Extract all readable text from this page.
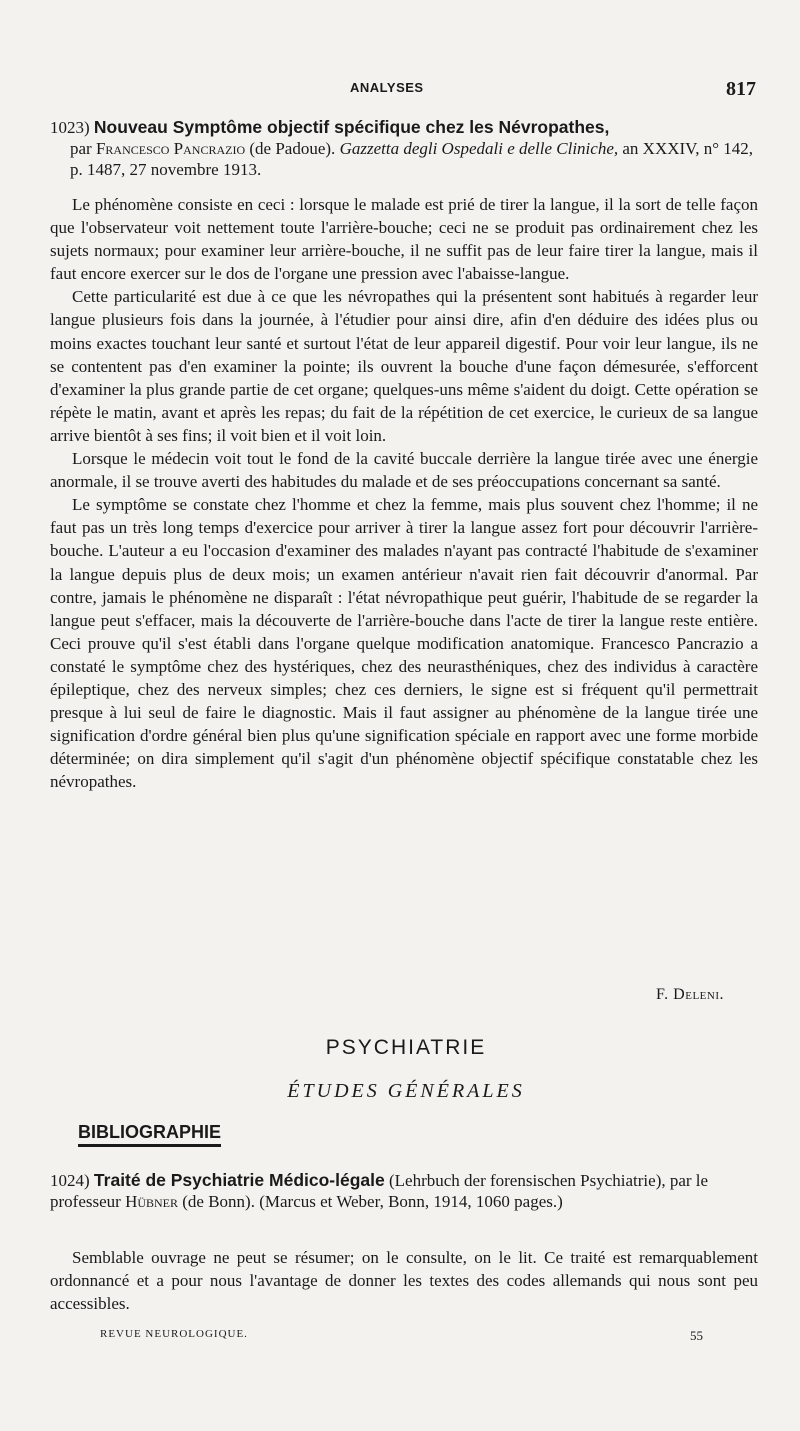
ANALYSES	817
1023) Nouveau Symptôme objectif spécifique chez les Névropathes,
par Francesco Pancrazio (de Padoue). Gazzetta degli Ospedali e delle Cliniche, an XXXIV, n° 142, p. 1487, 27 novembre 1913.

Le phénomène consiste en ceci : lorsque le malade est prié de tirer la langue, il la sort de telle façon que l'observateur voit nettement toute l'arrière-bouche; ceci ne se produit pas ordinairement chez les sujets normaux; pour examiner leur arrière-bouche, il ne suffit pas de leur faire tirer la langue, mais il faut encore exercer sur le dos de l'organe une pression avec l'abaisse-langue.

Cette particularité est due à ce que les névropathes qui la présentent sont habitués à regarder leur langue plusieurs fois dans la journée, à l'étudier pour ainsi dire, afin d'en déduire des idées plus ou moins exactes touchant leur santé et surtout l'état de leur appareil digestif. Pour voir leur langue, ils ne se contentent pas d'en examiner la pointe; ils ouvrent la bouche d'une façon démesurée, s'efforcent d'examiner la plus grande partie de cet organe; quelques-uns même s'aident du doigt. Cette opération se répète le matin, avant et après les repas; du fait de la répétition de cet exercice, le curieux de sa langue arrive bientôt à ses fins; il voit bien et il voit loin.

Lorsque le médecin voit tout le fond de la cavité buccale derrière la langue tirée avec une énergie anormale, il se trouve averti des habitudes du malade et de ses préoccupations concernant sa santé.

Le symptôme se constate chez l'homme et chez la femme, mais plus souvent chez l'homme; il ne faut pas un très long temps d'exercice pour arriver à tirer la langue assez fort pour découvrir l'arrière-bouche. L'auteur a eu l'occasion d'examiner des malades n'ayant pas contracté l'habitude de s'examiner la langue depuis plus de deux mois; un examen antérieur n'avait rien fait découvrir d'anormal. Par contre, jamais le phénomène ne disparaît : l'état névropathique peut guérir, l'habitude de se regarder la langue peut s'effacer, mais la découverte de l'arrière-bouche dans l'acte de tirer la langue reste entière. Ceci prouve qu'il s'est établi dans l'organe quelque modification anatomique. Francesco Pancrazio a constaté le symptôme chez des hystériques, chez des neurasthéniques, chez des individus à caractère épileptique, chez des nerveux simples; chez ces derniers, le signe est si fréquent qu'il permettrait presque à lui seul de faire le diagnostic. Mais il faut assigner au phénomène de la langue tirée une signification d'ordre général bien plus qu'une signification spéciale en rapport avec une forme morbide déterminée; on dira simplement qu'il s'agit d'un phénomène objectif spécifique constatable chez les névropathes.

F. Deleni.
PSYCHIATRIE
ÉTUDES GÉNÉRALES
BIBLIOGRAPHIE
1024) Traité de Psychiatrie Médico-légale (Lehrbuch der forensischen Psychiatrie), par le professeur Hübner (de Bonn). (Marcus et Weber, Bonn, 1914, 1060 pages.)

Semblable ouvrage ne peut se résumer; on le consulte, on le lit. Ce traité est remarquablement ordonnancé et a pour nous l'avantage de donner les textes des codes allemands qui nous sont peu accessibles.

REVUE NEUROLOGIQUE.	55
